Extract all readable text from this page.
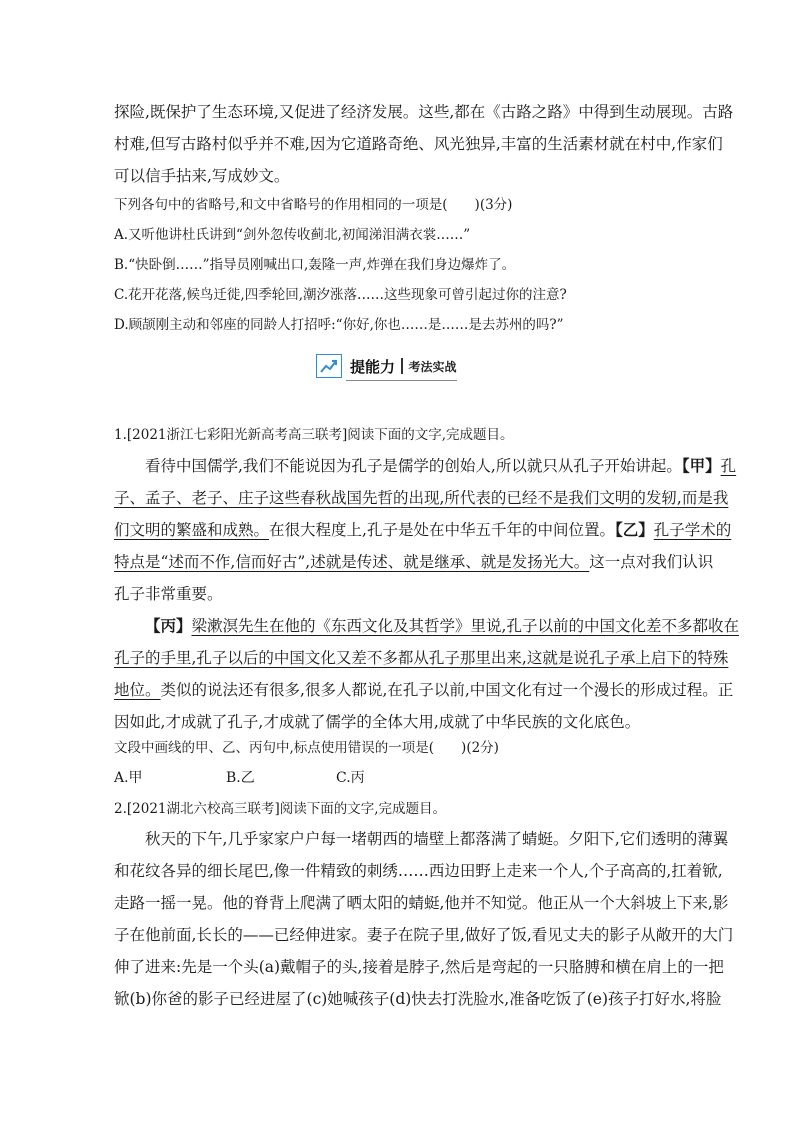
探险,既保护了生态环境,又促进了经济发展。这些,都在《古路之路》中得到生动展现。古路
村难,但写古路村似乎并不难,因为它道路奇绝、风光独异,丰富的生活素材就在村中,作家们
可以信手拈来,写成妙文。
下列各句中的省略号,和文中省略号的作用相同的一项是(　　)(3分)
A.又听他讲杜氏讲到“剑外忽传收蓟北,初闻涕泪满衣裳……”
B.“快卧倒……”指导员刚喊出口,轰隆一声,炸弹在我们身边爆炸了。
C.花开花落,候鸟迁徙,四季轮回,潮汐涨落……这些现象可曾引起过你的注意?
D.顾颉刚主动和邻座的同龄人打招呼:“你好,你也……是……是去苏州的吗?”
提能力 考法实战
1.[2021浙江七彩阳光新高考高三联考]阅读下面的文字,完成题目。
看待中国儒学,我们不能说因为孔子是儒学的创始人,所以就只从孔子开始讲起。【甲】孔
子、孟子、老子、庄子这些春秋战国先哲的出现,所代表的已经不是我们文明的发轫,而是我
们文明的繁盛和成熟。在很大程度上,孔子是处在中华五千年的中间位置。【乙】孔子学术的
特点是“述而不作,信而好古”,述就是传述、就是继承、就是发扬光大。这一点对我们认识
孔子非常重要。
【丙】梁漱溟先生在他的《东西文化及其哲学》里说,孔子以前的中国文化差不多都收在
孔子的手里,孔子以后的中国文化又差不多都从孔子那里出来,这就是说孔子承上启下的特殊
地位。类似的说法还有很多,很多人都说,在孔子以前,中国文化有过一个漫长的形成过程。正
因如此,才成就了孔子,才成就了儒学的全体大用,成就了中华民族的文化底色。
文段中画线的甲、乙、丙句中,标点使用错误的一项是(　　)(2分)
A.甲	B.乙	C.丙
2.[2021湖北六校高三联考]阅读下面的文字,完成题目。
秋天的下午,几乎家家户户每一堵朝西的墙壁上都落满了蜻蜓。夕阳下,它们透明的薄翼
和花纹各异的细长尾巴,像一件精致的刺绣……西边田野上走来一个人,个子高高的,扛着锨,
走路一摇一晃。他的脊背上爬满了晒太阳的蜻蜓,他并不知觉。他正从一个大斜坡上下来,影
子在他前面,长长的——已经伸进家。妻子在院子里,做好了饭,看见丈夫的影子从敞开的大门
伸了进来:先是一个头(a)戴帽子的头,接着是脖子,然后是弯起的一只胳膊和横在肩上的一把
锨(b)你爸的影子已经进屋了(c)她喊孩子(d)快去打洗脸水,准备吃饭了(e)孩子打好水,将脸
